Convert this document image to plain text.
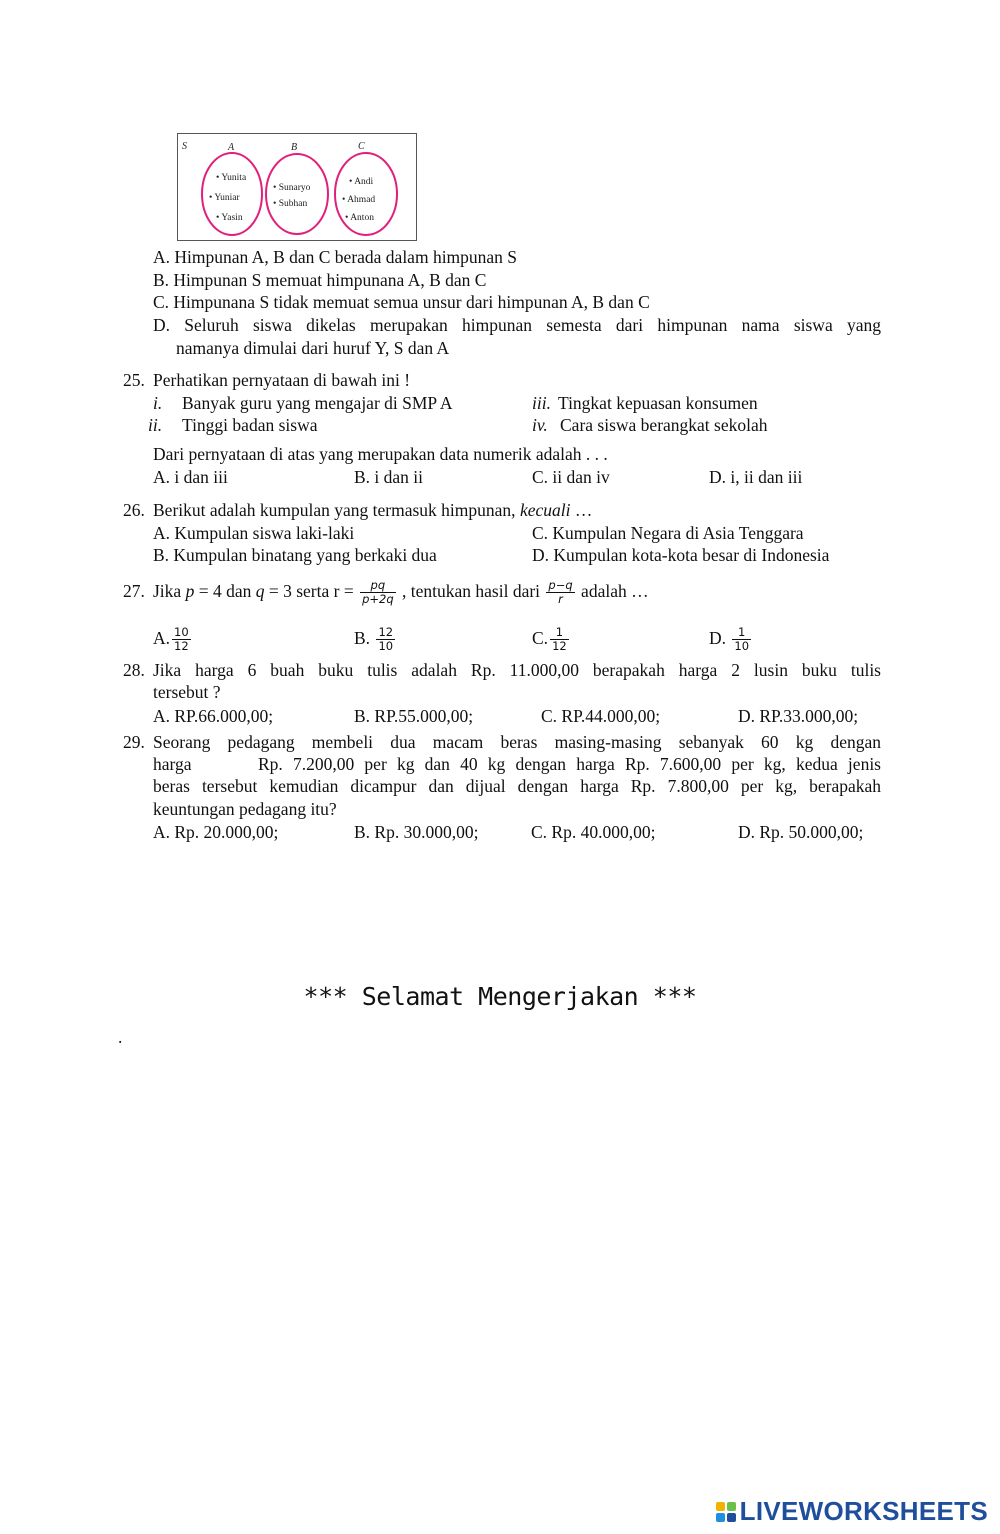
S	A	B	C
• Yunita
• Yuniar
• Yasin
• Sunaryo
• Subhan
• Andi
• Ahmad
• Anton
A. Himpunan A, B dan C berada dalam himpunan S
B. Himpunan S memuat himpunana A, B dan C
C. Himpunana S tidak memuat semua unsur dari himpunan A, B dan C
D. Seluruh siswa dikelas merupakan himpunan semesta dari himpunan nama siswa yang
namanya dimulai dari huruf Y, S dan A
25. Perhatikan pernyataan di bawah ini !
i. Banyak guru yang mengajar di SMP A	iii. Tingkat kepuasan konsumen
ii. Tinggi badan siswa	iv. Cara siswa berangkat sekolah
Dari pernyataan di atas yang merupakan data numerik adalah . . .
A. i dan iii	B. i dan ii	C. ii dan iv	D. i, ii dan iii
26. Berikut adalah kumpulan yang termasuk himpunan, kecuali …
A. Kumpulan siswa laki-laki	C. Kumpulan Negara di Asia Tenggara
B. Kumpulan binatang yang berkaki dua	D. Kumpulan kota-kota besar di Indonesia
27. Jika p = 4 dan q = 3 serta $r = \frac{pq}{p+2q}$ , tentukan hasil dari $\frac{p-q}{r}$ adalah …
A. $\frac{10}{12}$	B. $\frac{12}{10}$	C. $\frac{1}{12}$	D. $\frac{1}{10}$
28. Jika harga 6 buah buku tulis adalah Rp. 11.000,00 berapakah harga 2 lusin buku tulis
tersebut ?
A. RP.66.000,00;	B. RP.55.000,00;	C. RP.44.000,00;	D. RP.33.000,00;
29. Seorang pedagang membeli dua macam beras masing-masing sebanyak 60 kg dengan
harga	Rp. 7.200,00 per kg dan 40 kg dengan harga Rp. 7.600,00 per kg, kedua jenis
beras tersebut kemudian dicampur dan dijual dengan harga Rp. 7.800,00 per kg, berapakah
keuntungan pedagang itu?
A. Rp. 20.000,00;	B. Rp. 30.000,00;	C. Rp. 40.000,00;	D. Rp. 50.000,00;
*** Selamat Mengerjakan ***
.
LIVEWORKSHEETS
